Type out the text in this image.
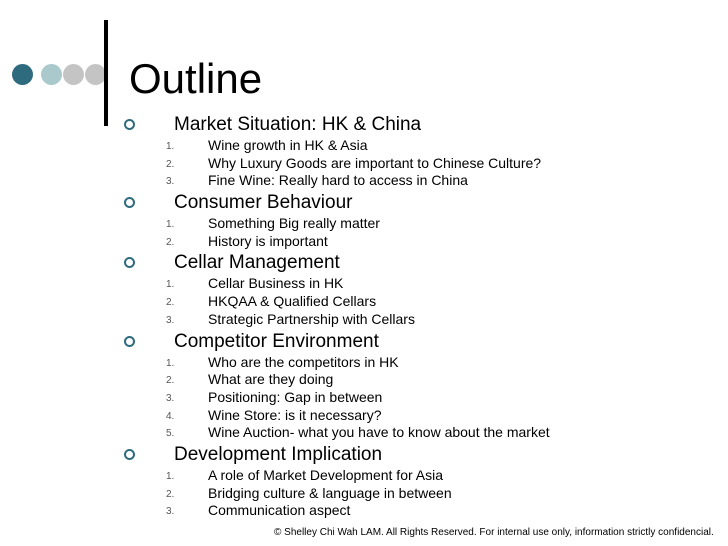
Outline
Market Situation: HK & China
1. Wine growth in HK & Asia
2. Why Luxury Goods are important to Chinese Culture?
3. Fine Wine: Really hard to access in China
Consumer Behaviour
1. Something Big really matter
2. History is important
Cellar Management
1. Cellar Business in HK
2. HKQAA & Qualified Cellars
3. Strategic Partnership with Cellars
Competitor Environment
1. Who are the competitors in HK
2. What are they doing
3. Positioning: Gap in between
4. Wine Store: is it necessary?
5. Wine Auction- what you have to know about the market
Development Implication
1. A role of Market Development for Asia
2. Bridging culture & language in between
3. Communication aspect
© Shelley Chi Wah LAM. All Rights Reserved. For internal use only, information strictly confidencial.
